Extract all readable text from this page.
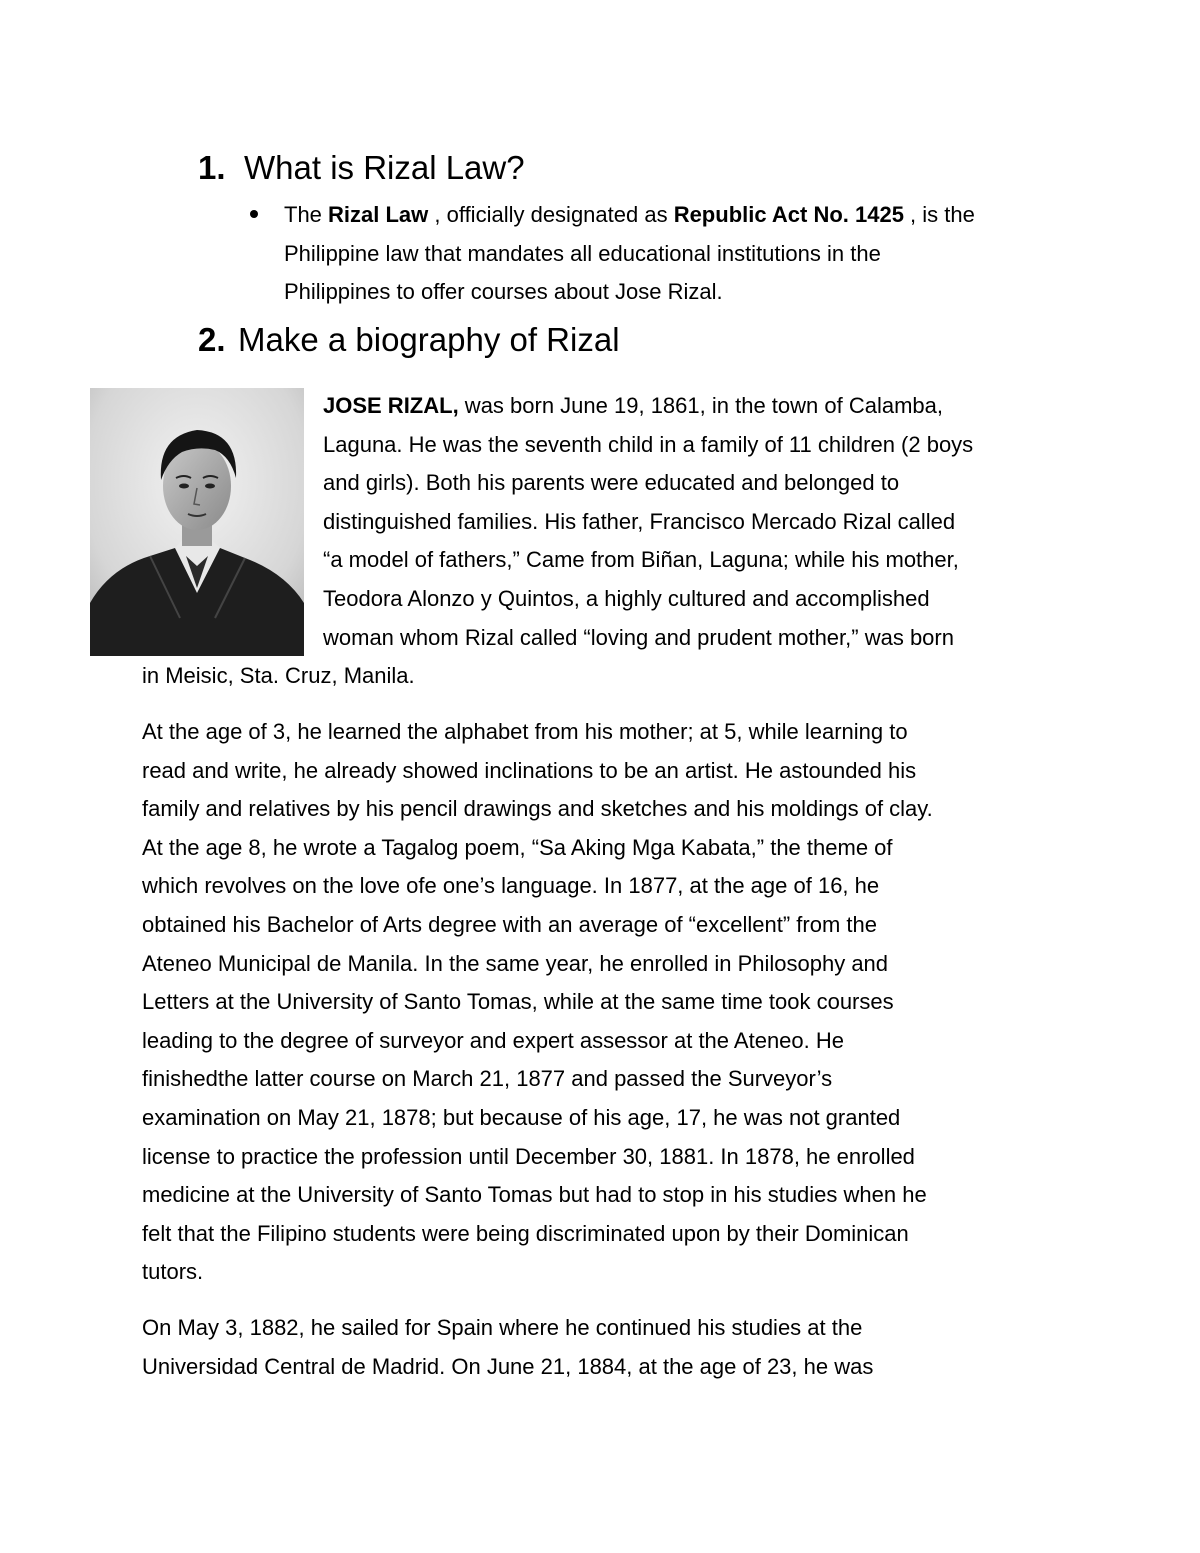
1. What is Rizal Law?
The Rizal Law , officially designated as Republic Act No. 1425 , is the
Philippine law that mandates all educational institutions in the
Philippines to offer courses about Jose Rizal.
2. Make a biography of Rizal
JOSE RIZAL, was born June 19, 1861, in the town of Calamba,
Laguna. He was the seventh child in a family of 11 children (2 boys
and girls). Both his parents were educated and belonged to
distinguished families. His father, Francisco Mercado Rizal called
“a model of fathers,” Came from Biñan, Laguna; while his mother,
Teodora Alonzo y Quintos, a highly cultured and accomplished
woman whom Rizal called “loving and prudent mother,” was born
in Meisic, Sta. Cruz, Manila.
At the age of 3, he learned the alphabet from his mother; at 5, while learning to
read and write, he already showed inclinations to be an artist. He astounded his
family and relatives by his pencil drawings and sketches and his moldings of clay.
At the age 8, he wrote a Tagalog poem, “Sa Aking Mga Kabata,” the theme of
which revolves on the love ofe one’s language. In 1877, at the age of 16, he
obtained his Bachelor of Arts degree with an average of “excellent” from the
Ateneo Municipal de Manila. In the same year, he enrolled in Philosophy and
Letters at the University of Santo Tomas, while at the same time took courses
leading to the degree of surveyor and expert assessor at the Ateneo. He
finishedthe latter course on March 21, 1877 and passed the Surveyor’s
examination on May 21, 1878; but because of his age, 17, he was not granted
license to practice the profession until December 30, 1881. In 1878, he enrolled
medicine at the University of Santo Tomas but had to stop in his studies when he
felt that the Filipino students were being discriminated upon by their Dominican
tutors.
On May 3, 1882, he sailed for Spain where he continued his studies at the
Universidad Central de Madrid. On June 21, 1884, at the age of 23, he was
